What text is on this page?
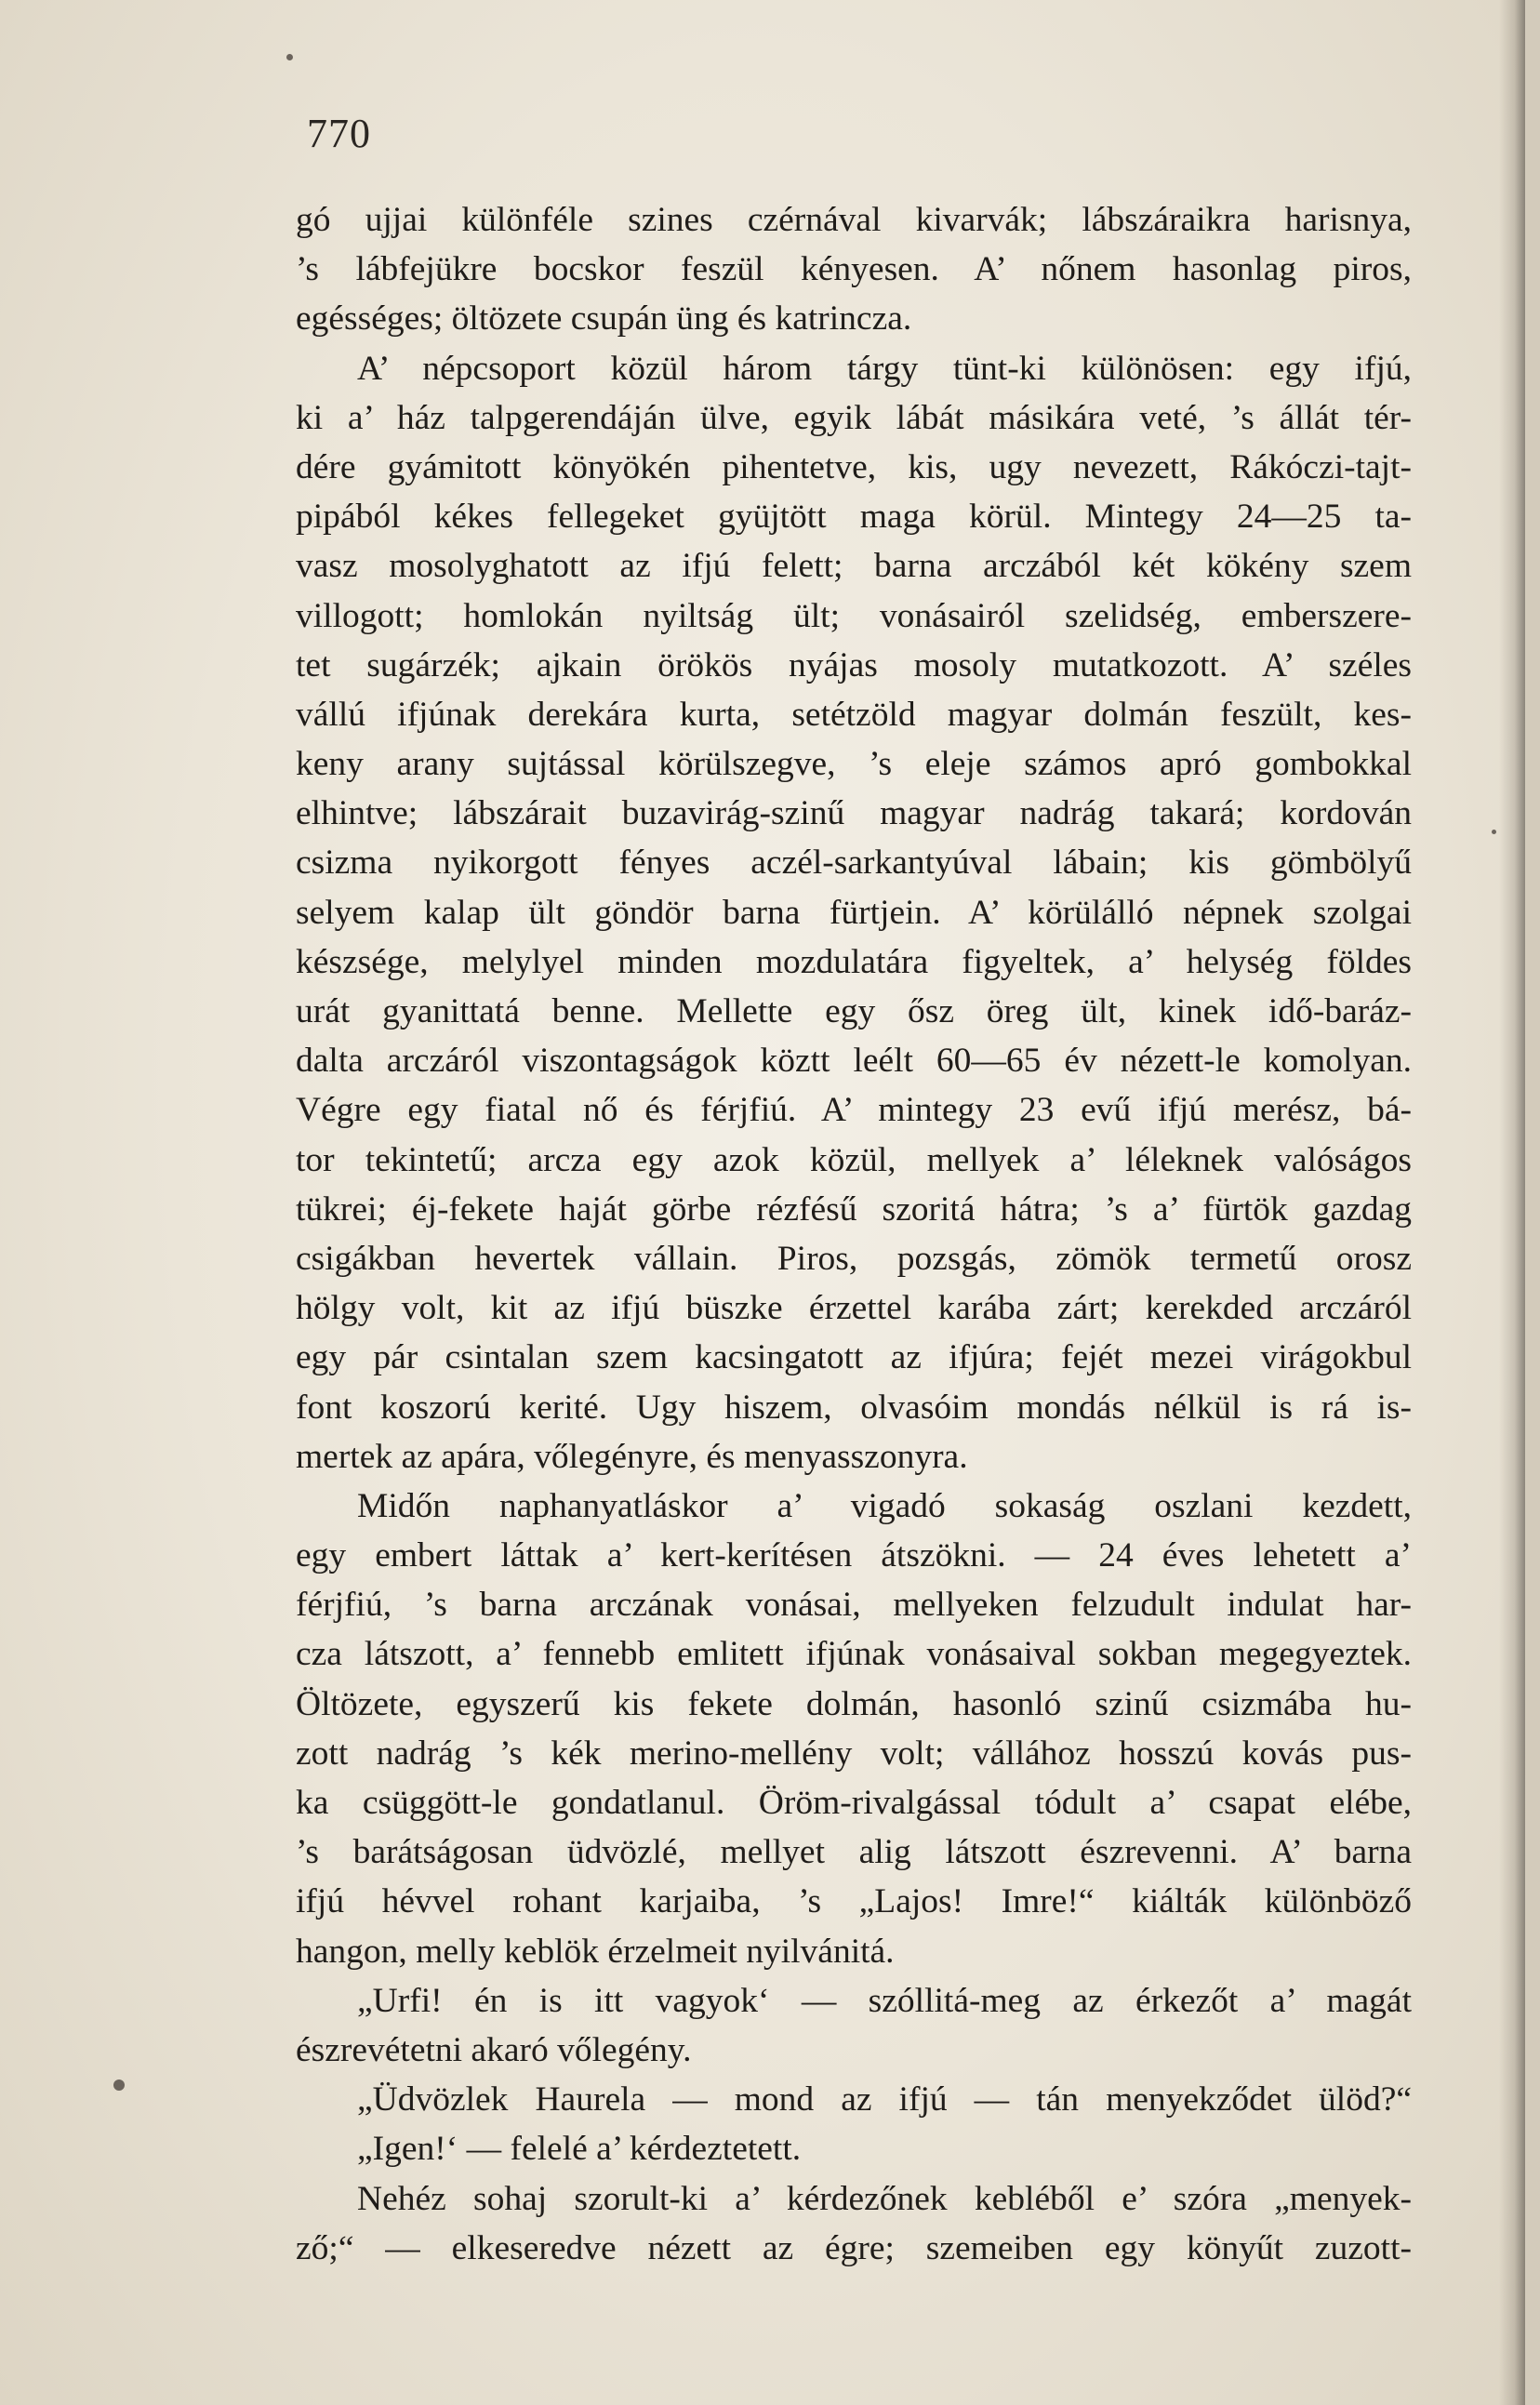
770
gó ujjai különféle szines czérnával kivarvák; lábszáraikra harisnya,
’s lábfejükre bocskor feszül kényesen. A’ nőnem hasonlag piros,
egésséges; öltözete csupán üng és katrincza.
A’ népcsoport közül három tárgy tünt-ki különösen: egy ifjú,
ki a’ ház talpgerendáján ülve, egyik lábát másikára veté, ’s állát tér-
dére gyámitott könyökén pihentetve, kis, ugy nevezett, Rákóczi-tajt-
pipából kékes fellegeket gyüjtött maga körül. Mintegy 24—25 ta-
vasz mosolyghatott az ifjú felett; barna arczából két kökény szem
villogott; homlokán nyiltság ült; vonásairól szelidség, emberszere-
tet sugárzék; ajkain örökös nyájas mosoly mutatkozott. A’ széles
vállú ifjúnak derekára kurta, setétzöld magyar dolmán feszült, kes-
keny arany sujtással körülszegve, ’s eleje számos apró gombokkal
elhintve; lábszárait buzavirág-szinű magyar nadrág takará; kordován
csizma nyikorgott fényes aczél-sarkantyúval lábain; kis gömbölyű
selyem kalap ült göndör barna fürtjein. A’ körülálló népnek szolgai
készsége, melylyel minden mozdulatára figyeltek, a’ helység földes
urát gyanittatá benne. Mellette egy ősz öreg ült, kinek idő-baráz-
dalta arczáról viszontagságok köztt leélt 60—65 év nézett-le komolyan.
Végre egy fiatal nő és férjfiú. A’ mintegy 23 evű ifjú merész, bá-
tor tekintetű; arcza egy azok közül, mellyek a’ léleknek valóságos
tükrei; éj-fekete haját görbe rézfésű szoritá hátra; ’s a’ fürtök gazdag
csigákban hevertek vállain. Piros, pozsgás, zömök termetű orosz
hölgy volt, kit az ifjú büszke érzettel karába zárt; kerekded arczáról
egy pár csintalan szem kacsingatott az ifjúra; fejét mezei virágokbul
font koszorú kerité. Ugy hiszem, olvasóim mondás nélkül is rá is-
mertek az apára, vőlegényre, és menyasszonyra.
Midőn naphanyatláskor a’ vigadó sokaság oszlani kezdett,
egy embert láttak a’ kert-kerítésen átszökni. — 24 éves lehetett a’
férjfiú, ’s barna arczának vonásai, mellyeken felzudult indulat har-
cza látszott, a’ fennebb emlitett ifjúnak vonásaival sokban megegyeztek.
Öltözete, egyszerű kis fekete dolmán, hasonló szinű csizmába hu-
zott nadrág ’s kék merino-mellény volt; vállához hosszú kovás pus-
ka csüggött-le gondatlanul. Öröm-rivalgással tódult a’ csapat elébe,
’s barátságosan üdvözlé, mellyet alig látszott észrevenni. A’ barna
ifjú hévvel rohant karjaiba, ’s „Lajos! Imre!“ kiálták különböző
hangon, melly keblök érzelmeit nyilvánitá.
„Urfi! én is itt vagyok‘ — szóllitá-meg az érkezőt a’ magát
észrevétetni akaró vőlegény.
„Üdvözlek Haurela — mond az ifjú — tán menyekződet ülöd?“
„Igen!‘ — felelé a’ kérdeztetett.
Nehéz sohaj szorult-ki a’ kérdezőnek kebléből e’ szóra „menyek-
ző;“ — elkeseredve nézett az égre; szemeiben egy könyűt zuzott-
